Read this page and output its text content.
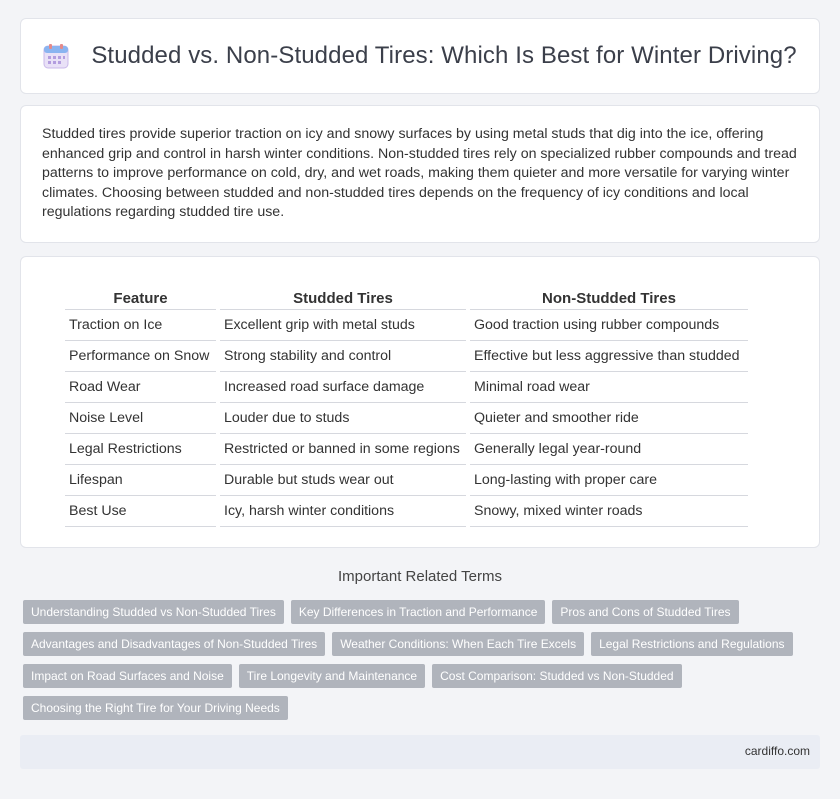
Studded vs. Non-Studded Tires: Which Is Best for Winter Driving?

Studded tires provide superior traction on icy and snowy surfaces by using metal studs that dig into the ice, offering enhanced grip and control in harsh winter conditions. Non-studded tires rely on specialized rubber compounds and tread patterns to improve performance on cold, dry, and wet roads, making them quieter and more versatile for varying winter climates. Choosing between studded and non-studded tires depends on the frequency of icy conditions and local regulations regarding studded tire use.

Feature	Studded Tires	Non-Studded Tires
Traction on Ice	Excellent grip with metal studs	Good traction using rubber compounds
Performance on Snow	Strong stability and control	Effective but less aggressive than studded
Road Wear	Increased road surface damage	Minimal road wear
Noise Level	Louder due to studs	Quieter and smoother ride
Legal Restrictions	Restricted or banned in some regions	Generally legal year-round
Lifespan	Durable but studs wear out	Long-lasting with proper care
Best Use	Icy, harsh winter conditions	Snowy, mixed winter roads
Important Related Terms
Understanding Studded vs Non-Studded Tires	Key Differences in Traction and Performance	Pros and Cons of Studded Tires
Advantages and Disadvantages of Non-Studded Tires	Weather Conditions: When Each Tire Excels	Legal Restrictions and Regulations
Impact on Road Surfaces and Noise	Tire Longevity and Maintenance	Cost Comparison: Studded vs Non-Studded
Choosing the Right Tire for Your Driving Needs
cardiffo.com
